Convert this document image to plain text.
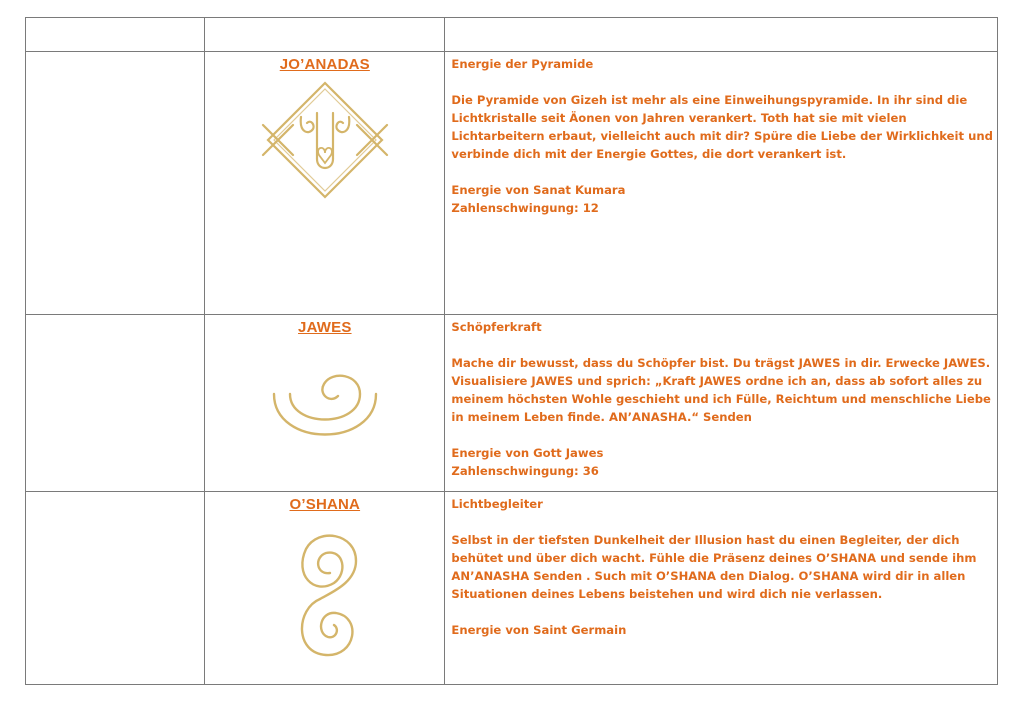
	JO’ANADAS	Energie der Pyramide

Die Pyramide von Gizeh ist mehr als eine Einweihungspyramide. In ihr sind die Lichtkristalle seit Äonen von Jahren verankert. Toth hat sie mit vielen Lichtarbeitern erbaut, vielleicht auch mit dir? Spüre die Liebe der Wirklichkeit und verbinde dich mit der Energie Gottes, die dort verankert ist.

Energie von Sanat Kumara

Zahlenschwingung: 12

	JAWES	Schöpferkraft

Mache dir bewusst, dass du Schöpfer bist. Du trägst JAWES in dir. Erwecke JAWES. Visualisiere JAWES und sprich: „Kraft JAWES ordne ich an, dass ab sofort alles zu meinem höchsten Wohle geschieht und ich Fülle, Reichtum und menschliche Liebe in meinem Leben finde. AN’ANASHA.“ Senden

Energie von Gott Jawes

Zahlenschwingung: 36

	O’SHANA	Lichtbegleiter

Selbst in der tiefsten Dunkelheit der Illusion hast du einen Begleiter, der dich behütet und über dich wacht. Fühle die Präsenz deines O’SHANA und sende ihm AN’ANASHA Senden . Such mit O’SHANA den Dialog. O’SHANA wird dir in allen Situationen deines Lebens beistehen und wird dich nie verlassen.

Energie von Saint Germain
